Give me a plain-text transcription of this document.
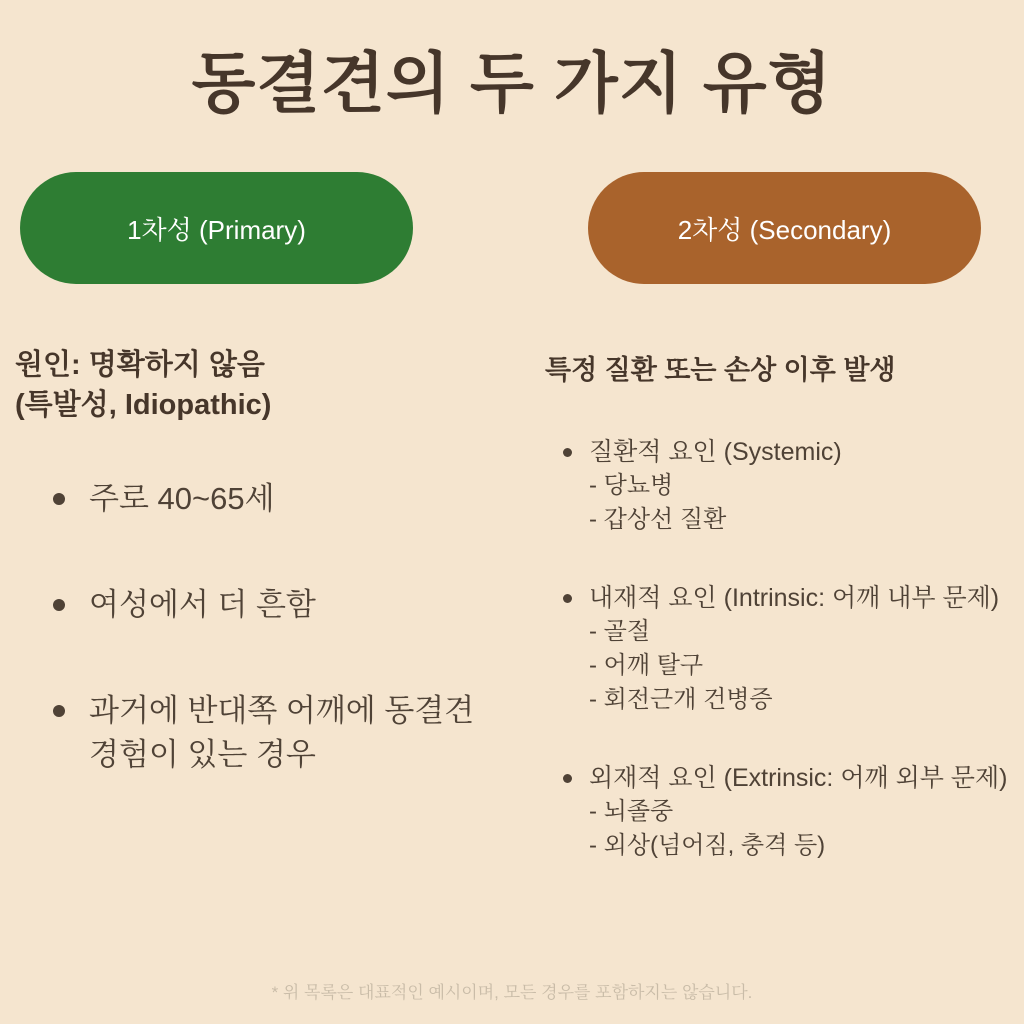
동결견의 두 가지 유형
1차성 (Primary)	2차성 (Secondary)
원인: 명확하지 않음
(특발성, Idiopathic)
주로 40~65세
여성에서 더 흔함
과거에 반대쪽 어깨에 동결견 경험이 있는 경우
특정 질환 또는 손상 이후 발생
질환적 요인 (Systemic)
- 당뇨병
- 갑상선 질환
내재적 요인 (Intrinsic: 어깨 내부 문제)
- 골절
- 어깨 탈구
- 회전근개 건병증
외재적 요인 (Extrinsic: 어깨 외부 문제)
- 뇌졸중
- 외상(넘어짐, 충격 등)
* 위 목록은 대표적인 예시이며, 모든 경우를 포함하지는 않습니다.
